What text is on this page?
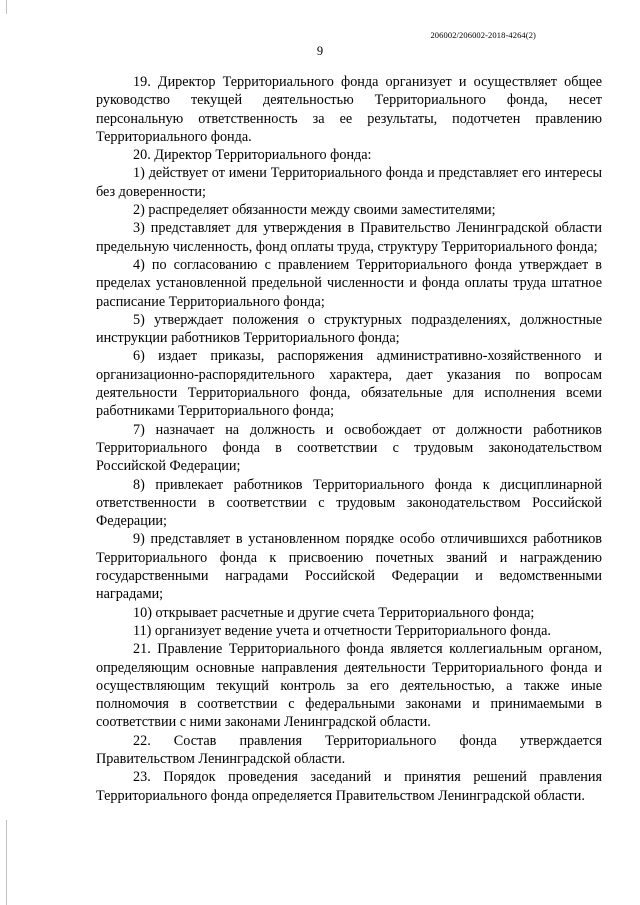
206002/206002-2018-4264(2)
9

19. Директор Территориального фонда организует и осуществляет общее руководство текущей деятельностью Территориального фонда, несет персональную ответственность за ее результаты, подотчетен правлению Территориального фонда.

20. Директор Территориального фонда:

1) действует от имени Территориального фонда и представляет его интересы без доверенности;

2) распределяет обязанности между своими заместителями;

3) представляет для утверждения в Правительство Ленинградской области предельную численность, фонд оплаты труда, структуру Территориального фонда;

4) по согласованию с правлением Территориального фонда утверждает в пределах установленной предельной численности и фонда оплаты труда штатное расписание Территориального фонда;

5) утверждает положения о структурных подразделениях, должностные инструкции работников Территориального фонда;

6) издает приказы, распоряжения административно-хозяйственного и организационно-распорядительного характера, дает указания по вопросам деятельности Территориального фонда, обязательные для исполнения всеми работниками Территориального фонда;

7) назначает на должность и освобождает от должности работников Территориального фонда в соответствии с трудовым законодательством Российской Федерации;

8) привлекает работников Территориального фонда к дисциплинарной ответственности в соответствии с трудовым законодательством Российской Федерации;

9) представляет в установленном порядке особо отличившихся работников Территориального фонда к присвоению почетных званий и награждению государственными наградами Российской Федерации и ведомственными наградами;

10) открывает расчетные и другие счета Территориального фонда;

11) организует ведение учета и отчетности Территориального фонда.

21. Правление Территориального фонда является коллегиальным органом, определяющим основные направления деятельности Территориального фонда и осуществляющим текущий контроль за его деятельностью, а также иные полномочия в соответствии с федеральными законами и принимаемыми в соответствии с ними законами Ленинградской области.

22. Состав правления Территориального фонда утверждается Правительством Ленинградской области.

23. Порядок проведения заседаний и принятия решений правления Территориального фонда определяется Правительством Ленинградской области.
